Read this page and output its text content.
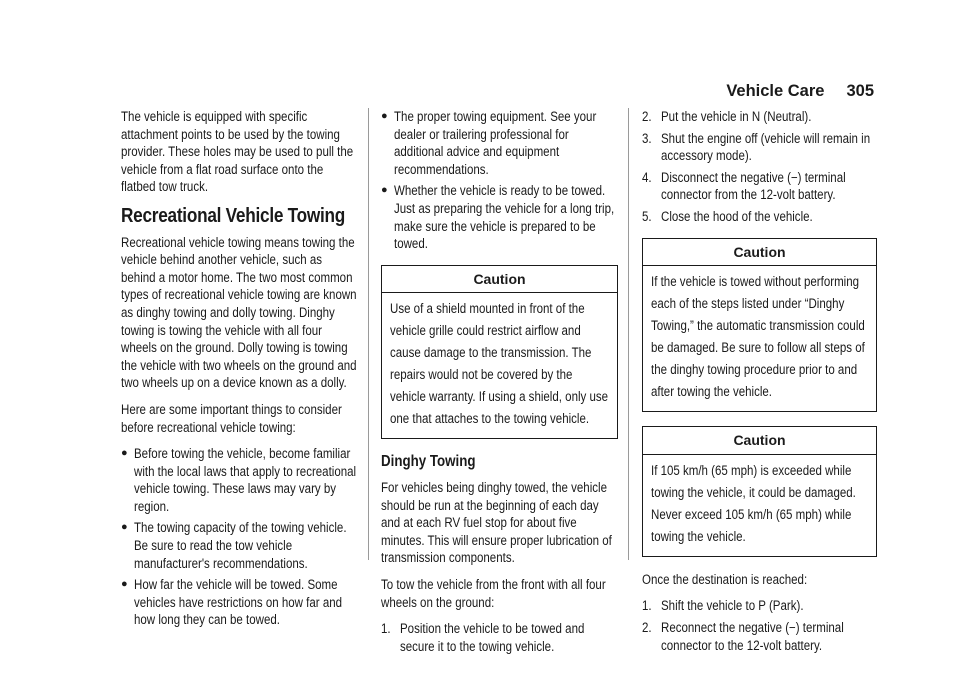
Vehicle Care 305

The vehicle is equipped with specific attachment points to be used by the towing provider. These holes may be used to pull the vehicle from a flat road surface onto the flatbed tow truck.

Recreational Vehicle Towing

Recreational vehicle towing means towing the vehicle behind another vehicle, such as behind a motor home. The two most common types of recreational vehicle towing are known as dinghy towing and dolly towing. Dinghy towing is towing the vehicle with all four wheels on the ground. Dolly towing is towing the vehicle with two wheels on the ground and two wheels up on a device known as a dolly.

Here are some important things to consider before recreational vehicle towing:

● Before towing the vehicle, become familiar with the local laws that apply to recreational vehicle towing. These laws may vary by region.
● The towing capacity of the towing vehicle. Be sure to read the tow vehicle manufacturer's recommendations.
● How far the vehicle will be towed. Some vehicles have restrictions on how far and how long they can be towed.
● The proper towing equipment. See your dealer or trailering professional for additional advice and equipment recommendations.
● Whether the vehicle is ready to be towed. Just as preparing the vehicle for a long trip, make sure the vehicle is prepared to be towed.
Caution
Use of a shield mounted in front of the vehicle grille could restrict airflow and cause damage to the transmission. The repairs would not be covered by the vehicle warranty. If using a shield, only use one that attaches to the towing vehicle.
Dinghy Towing

For vehicles being dinghy towed, the vehicle should be run at the beginning of each day and at each RV fuel stop for about five minutes. This will ensure proper lubrication of transmission components.

To tow the vehicle from the front with all four wheels on the ground:

1. Position the vehicle to be towed and secure it to the towing vehicle.
2. Put the vehicle in N (Neutral).
3. Shut the engine off (vehicle will remain in accessory mode).
4. Disconnect the negative (−) terminal connector from the 12-volt battery.
5. Close the hood of the vehicle.
Caution
If the vehicle is towed without performing each of the steps listed under “Dinghy Towing,” the automatic transmission could be damaged. Be sure to follow all steps of the dinghy towing procedure prior to and after towing the vehicle.
Caution
If 105 km/h (65 mph) is exceeded while towing the vehicle, it could be damaged. Never exceed 105 km/h (65 mph) while towing the vehicle.

Once the destination is reached:

1. Shift the vehicle to P (Park).
2. Reconnect the negative (−) terminal connector to the 12-volt battery.
